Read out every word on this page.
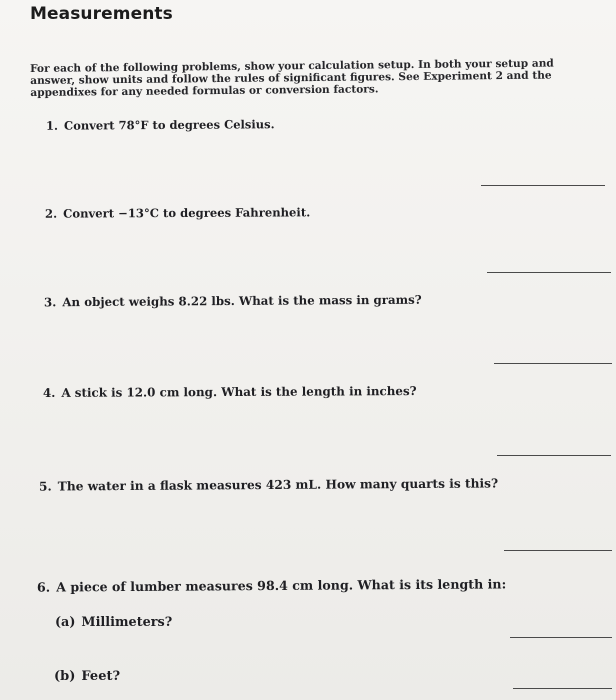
Measurements

For each of the following problems, show your calculation setup. In both your setup and answer, show units and follow the rules of significant figures. See Experiment 2 and the appendixes for any needed formulas or conversion factors.

1. Convert 78°F to degrees Celsius.
2. Convert −13°C to degrees Fahrenheit.
3. An object weighs 8.22 lbs. What is the mass in grams?
4. A stick is 12.0 cm long. What is the length in inches?
5. The water in a flask measures 423 mL. How many quarts is this?
6. A piece of lumber measures 98.4 cm long. What is its length in:
(a) Millimeters?
(b) Feet?
